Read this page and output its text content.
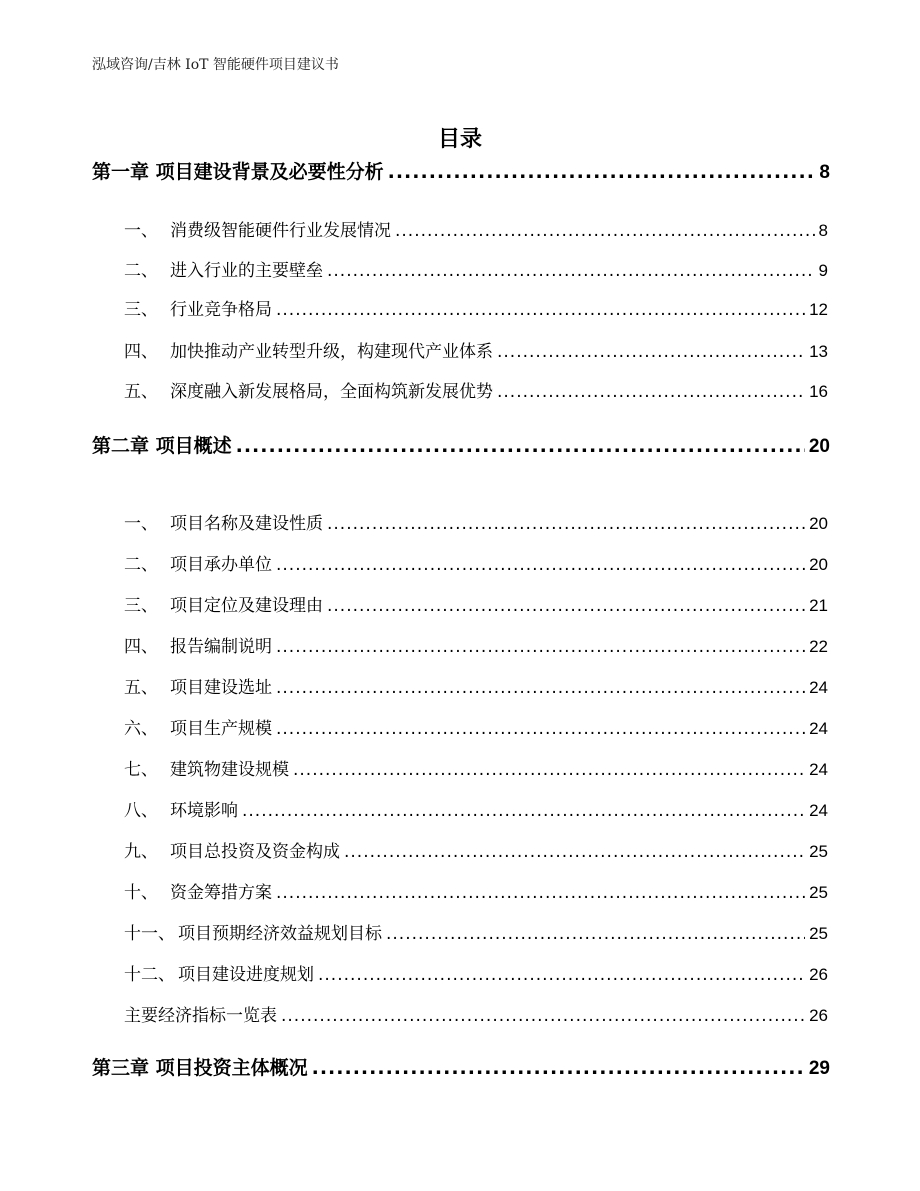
泓域咨询/吉林 IoT 智能硬件项目建议书
目录
第一章 项目建设背景及必要性分析 .....	8
一、 消费级智能硬件行业发展情况 .....	8
二、 进入行业的主要壁垒 .....	9
三、 行业竞争格局 .....	12
四、 加快推动产业转型升级，构建现代产业体系 .....	13
五、 深度融入新发展格局，全面构筑新发展优势 .....	16
第二章 项目概述 .....	20
一、 项目名称及建设性质 .....	20
二、 项目承办单位 .....	20
三、 项目定位及建设理由 .....	21
四、 报告编制说明 .....	22
五、 项目建设选址 .....	24
六、 项目生产规模 .....	24
七、 建筑物建设规模 .....	24
八、 环境影响 .....	24
九、 项目总投资及资金构成 .....	25
十、 资金筹措方案 .....	25
十一、 项目预期经济效益规划目标 .....	25
十二、 项目建设进度规划 .....	26
主要经济指标一览表 .....	26
第三章 项目投资主体概况 .....	29
